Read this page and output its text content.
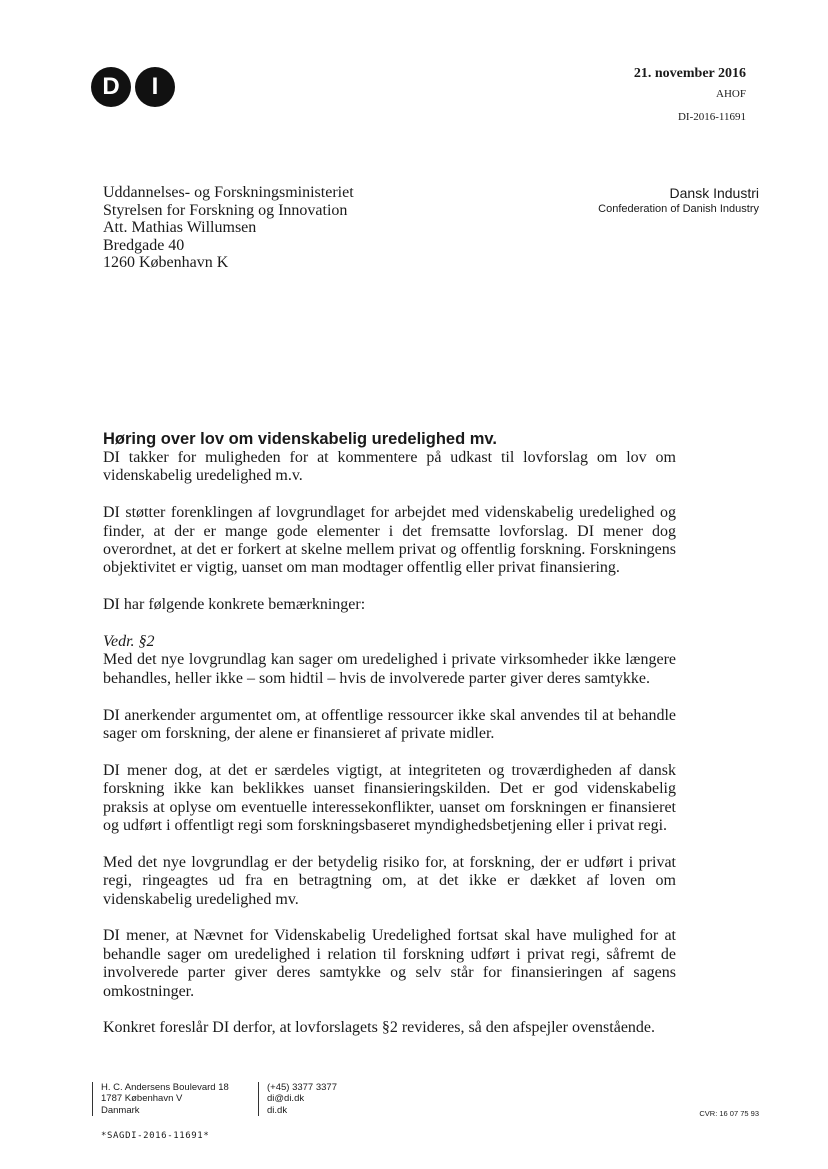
D	I	21. november 2016
AHOF
DI-2016-11691
Uddannelses- og Forskningsministeriet
Styrelsen for Forskning og Innovation
Att. Mathias Willumsen
Bredgade 40
1260 København K
Dansk Industri
Confederation of Danish Industry
Høring over lov om videnskabelig uredelighed mv.

DI takker for muligheden for at kommentere på udkast til lovforslag om lov om videnskabelig uredelighed m.v.

DI støtter forenklingen af lovgrundlaget for arbejdet med videnskabelig uredelighed og finder, at der er mange gode elementer i det fremsatte lovforslag. DI mener dog overordnet, at det er forkert at skelne mellem privat og offentlig forskning. Forskningens objektivitet er vigtig, uanset om man modtager offentlig eller privat finansiering.

DI har følgende konkrete bemærkninger:

Vedr. §2

Med det nye lovgrundlag kan sager om uredelighed i private virksomheder ikke længere behandles, heller ikke – som hidtil – hvis de involverede parter giver deres samtykke.

DI anerkender argumentet om, at offentlige ressourcer ikke skal anvendes til at behandle sager om forskning, der alene er finansieret af private midler.

DI mener dog, at det er særdeles vigtigt, at integriteten og troværdigheden af dansk forskning ikke kan beklikkes uanset finansieringskilden. Det er god videnskabelig praksis at oplyse om eventuelle interessekonflikter, uanset om forskningen er finansieret og udført i offentligt regi som forskningsbaseret myndighedsbetjening eller i privat regi.

Med det nye lovgrundlag er der betydelig risiko for, at forskning, der er udført i privat regi, ringeagtes ud fra en betragtning om, at det ikke er dækket af loven om videnskabelig uredelighed mv.

DI mener, at Nævnet for Videnskabelig Uredelighed fortsat skal have mulighed for at behandle sager om uredelighed i relation til forskning udført i privat regi, såfremt de involverede parter giver deres samtykke og selv står for finansieringen af sagens omkostninger.

Konkret foreslår DI derfor, at lovforslagets §2 revideres, så den afspejler ovenstående.

H. C. Andersens Boulevard 18
1787 København V
Danmark
(+45) 3377 3377
di@di.dk
di.dk	CVR: 16 07 75 93
*SAGDI-2016-11691*
